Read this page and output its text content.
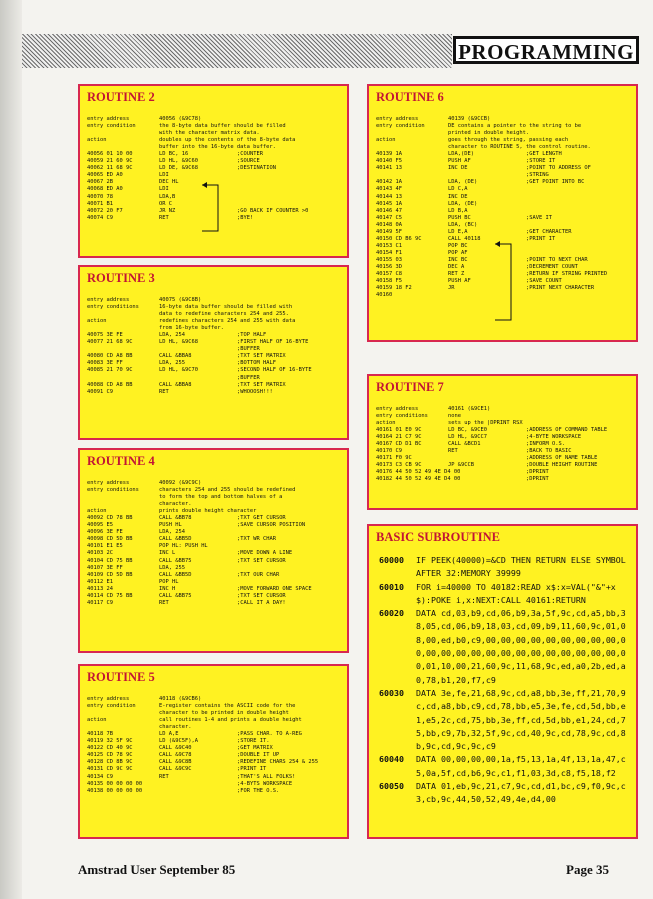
PROGRAMMING
ROUTINE 2
entry address	40056 (&9C78)
entry condition	the 8-byte data buffer should be filled
with the character matrix data.
action	doubles up the contents of the 8-byte data
buffer into the 16-byte data buffer.
40056 01 10 00	LD BC, 16	;COUNTER
40059 21 60 9C	LD HL, &9C60	;SOURCE
40062 11 68 9C	LD DE, &9C68	;DESTINATION
40065 ED A0	LDI
40067 2B	DEC HL
40068 ED A0	LDI
40070 78	LDA,B
40071 B1	OR C
40072 20 F7	JR NZ	;GO BACK IF COUNTER >0
40074 C9	RET	;BYE!
ROUTINE 3
entry address	40075 (&9C8B)
entry conditions	16-byte data buffer should be filled with
data to redefine characters 254 and 255.
action	redefines characters 254 and 255 with data
from 16-byte buffer.
40075 3E FE	LDA, 254	;TOP HALF
40077 21 68 9C	LD HL, &9C68	;FIRST HALF OF 16-BYTE
;BUFFER
40080 CD A8 BB	CALL &BBA8	;TXT SET MATRIX
40083 3E FF	LDA, 255	;BOTTOM HALF
40085 21 70 9C	LD HL, &9C70	;SECOND HALF OF 16-BYTE
;BUFFER
40088 CD A8 BB	CALL &BBA8	;TXT SET MATRIX
40091 C9	RET	;WHOOOSH!!!
ROUTINE 4
entry address	40092 (&9C9C)
entry conditions	characters 254 and 255 should be redefined
to form the top and bottom halves of a
character.
action	prints double height character
40092 CD 78 BB	CALL &BB78	;TXT GET CURSOR
40095 E5	PUSH HL	;SAVE CURSOR POSITION
40096 3E FE	LDA, 254
40098 CD 5D BB	CALL &BB5D	;TXT WR CHAR
40101 E1 E5	POP HL: PUSH HL
40103 2C	INC L	;MOVE DOWN A LINE
40104 CD 75 BB	CALL &BB75	;TXT SET CURSOR
40107 3E FF	LDA, 255
40109 CD 5D BB	CALL &BB5D	;TXT OUR CHAR
40112 E1	POP HL
40113 24	INC H	;MOVE FORWARD ONE SPACE
40114 CD 75 BB	CALL &BB75	;TXT SET CURSOR
40117 C9	RET	;CALL IT A DAY!
ROUTINE 5
entry address	40118 (&9CB6)
entry condition	E-register contains the ASCII code for the
character to be printed in double height
action	call routines 1-4 and prints a double height
character.
40118 7B	LD A,E	;PASS CHAR. TO A-REG
40119 32 5F 9C	LD (&9C5F),A	;STORE IT.
40122 CD 40 9C	CALL &9C40	;GET MATRIX
40125 CD 78 9C	CALL &9C78	;DOUBLE IT UP
40128 CD 8B 9C	CALL &9C8B	;REDEFINE CHARS 254 & 255
40131 CD 9C 9C	CALL &9C9C	;PRINT IT
40134 C9	RET	;THAT'S ALL FOLKS!
40135 00 00 00 00	;4-BYTS WORKSPACE
40138 00 00 00 00	;FOR THE O.S.
ROUTINE 6
entry address	40139 (&9CCB)
entry condition	DE contains a pointer to the string to be
printed in double height.
action	goes through the string, passing each
character to ROUTINE 5, the control routine.
40139 1A	LDA,(DE)	;GET LENGTH
40140 F5	PUSH AF	;STORE IT
40141 13	INC DE	;POINT TO ADDRESS OF
;STRING
40142 1A	LDA, (DE)	;GET POINT INTO BC
40143 4F	LD C,A
40144 13	INC DE
40145 1A	LDA, (DE)
40146 47	LD B,A
40147 C5	PUSH BC	;SAVE IT
40148 0A	LDA, (BC)
40149 5F	LD E,A	;GET CHARACTER
40150 CD B6 9C	CALL 40118	;PRINT IT
40153 C1	POP BC
40154 F1	POP AF
40155 03	INC BC	;POINT TO NEXT CHAR
40156 3D	DEC A	;DECREMENT COUNT
40157 C8	RET Z	;RETURN IF STRING PRINTED
40158 F5	PUSH AF	;SAVE COUNT
40159 18 F2	JR	;PRINT NEXT CHARACTER
40160
ROUTINE 7
entry address	40161 (&9CE1)
entry conditions	none
action	sets up the |DPRINT RSX
40161 01 E0 9C	LD BC, &9CE0	;ADDRESS OF COMMAND TABLE
40164 21 C7 9C	LD HL, &9CC7	;4-BYTE WORKSPACE
40167 CD D1 BC	CALL &BCD1	;INFORM O.S.
40170 C9	RET	;BACK TO BASIC
40171 F0 9C	;ADDRESS OF NAME TABLE
40173 C3 CB 9C	JP &9CCB	;DOUBLE HEIGHT ROUTINE
40176 44 50 52 49 4E D4 00	;DPRINT
40182 44 50 52 49 4E D4 00	;DPRINT
BASIC SUBROUTINE
60000 IF PEEK(40000)=&CD THEN RETURN ELSE SYMBOL AFTER 32:MEMORY 39999
60010 FOR i=40000 TO 40182:READ x$:x=VAL("&"+x$):POKE i,x:NEXT:CALL 40161:RETURN
60020 DATA cd,03,b9,cd,06,b9,3a,5f,9c,cd,a5,bb,38,05,cd,06,b9,18,03,cd,09,b9,11,60,9c,01,08,00,ed,b0,c9,00,00,00,00,00,00,00,00,00,00,00,00,00,00,00,00,00,00,00,00,00,00,00,00,01,10,00,21,60,9c,11,68,9c,ed,a0,2b,ed,a0,78,b1,20,f7,c9
60030 DATA 3e,fe,21,68,9c,cd,a8,bb,3e,ff,21,70,9c,cd,a8,bb,c9,cd,78,bb,e5,3e,fe,cd,5d,bb,e1,e5,2c,cd,75,bb,3e,ff,cd,5d,bb,e1,24,cd,75,bb,c9,7b,32,5f,9c,cd,40,9c,cd,78,9c,cd,8b,9c,cd,9c,9c,c9
60040 DATA 00,00,00,00,1a,f5,13,1a,4f,13,1a,47,c5,0a,5f,cd,b6,9c,c1,f1,03,3d,c8,f5,18,f2
60050 DATA 01,eb,9c,21,c7,9c,cd,d1,bc,c9,f0,9c,c3,cb,9c,44,50,52,49,4e,d4,00
Amstrad User September 85	Page 35
